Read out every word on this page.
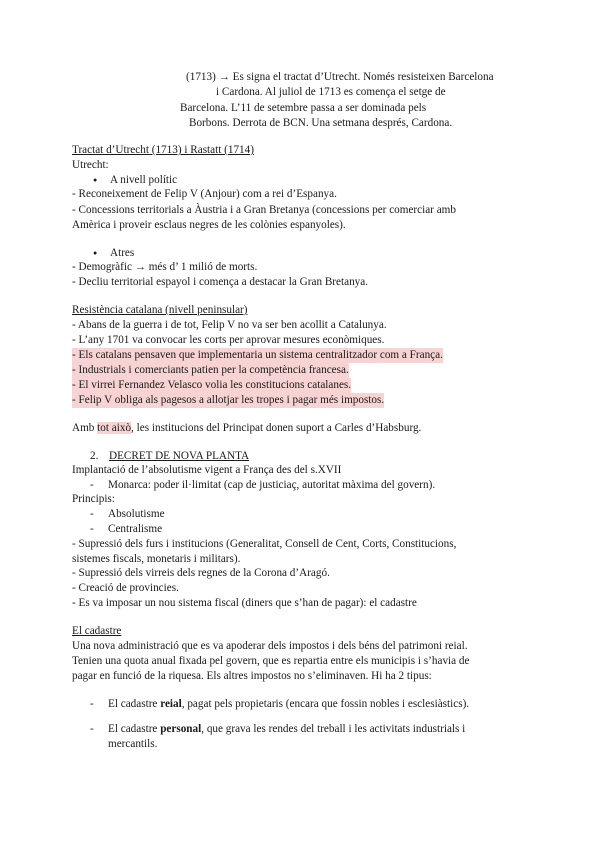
(1713) → Es signa el tractat d’Utrecht. Només resisteixen Barcelona
i Cardona. Al juliol de 1713 es comença el setge de
Barcelona. L’11 de setembre passa a ser dominada pels
Borbons. Derrota de BCN. Una setmana després, Cardona.
Tractat d’Utrecht (1713) i Rastatt (1714)
Utrecht:
● A nivell polític
- Reconeixement de Felip V (Anjour) com a rei d’Espanya.
- Concessions territorials a Àustria i a Gran Bretanya (concessions per comerciar amb
Amèrica i proveir esclaus negres de les colònies espanyoles).
● Atres
- Demogràfic → més d’ 1 milió de morts.
- Decliu territorial espayol i comença a destacar la Gran Bretanya.
Resistència catalana (nivell peninsular)
- Abans de la guerra i de tot, Felip V no va ser ben acollit a Catalunya.
- L’any 1701 va convocar les corts per aprovar mesures econòmiques.
- Els catalans pensaven que implementaria un sistema centralitzador com a França.
- Industrials i comerciants patien per la competència francesa.
- El virrei Fernandez Velasco volia les constitucions catalanes.
- Felip V obliga als pagesos a allotjar les tropes i pagar més impostos.
Amb tot això, les institucions del Principat donen suport a Carles d’Habsburg.
2. DECRET DE NOVA PLANTA
Implantació de l’absolutisme vigent a França des del s.XVII
- Monarca: poder il·limitat (cap de justiciaç, autoritat màxima del govern).
Principis:
- Absolutisme
- Centralisme
- Supressió dels furs i institucions (Generalitat, Consell de Cent, Corts, Constitucions,
sistemes fiscals, monetaris i militars).
- Supressió dels virreis dels regnes de la Corona d’Aragó.
- Creació de provincies.
- Es va imposar un nou sistema fiscal (diners que s’han de pagar): el cadastre
El cadastre
Una nova administració que es va apoderar dels impostos i dels béns del patrimoni reial.
Tenien una quota anual fixada pel govern, que es repartia entre els municipis i s’havia de
pagar en funció de la riquesa. Els altres impostos no s’eliminaven. Hi ha 2 tipus:
- El cadastre reial, pagat pels propietaris (encara que fossin nobles i esclesiàstics).
- El cadastre personal, que grava les rendes del treball i les activitats industrials i
mercantils.
